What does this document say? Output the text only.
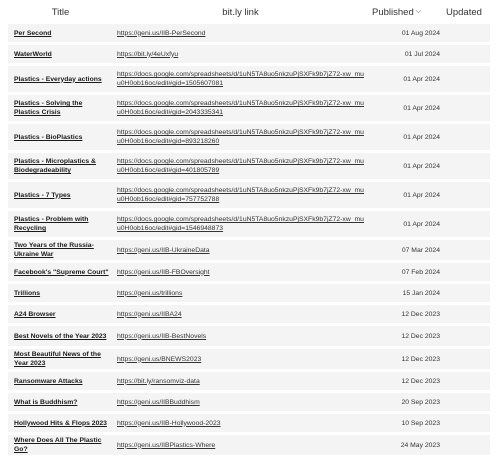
Title	bit.ly link	Published ⌵	Updated

Per Second	https://geni.us/IIB-PerSecond	01 Aug 2024	

WaterWorld	https://bit.ly/4eUxfyu	01 Jul 2024	

Plastics - Everyday actions	https://docs.google.com/spreadsheets/d/1uN5TA8uo5nkzuPjSXFk9b7jZ72-xw_muu0H0ob16oc/edit#gid=1505607081	01 Apr 2024	

Plastics - Solving the Plastics Crisis	https://docs.google.com/spreadsheets/d/1uN5TA8uo5nkzuPjSXFk9b7jZ72-xw_muu0H0ob16oc/edit#gid=2043335341	01 Apr 2024	

Plastics - BioPlastics	https://docs.google.com/spreadsheets/d/1uN5TA8uo5nkzuPjSXFk9b7jZ72-xw_muu0H0ob16oc/edit#gid=893218260	01 Apr 2024	

Plastics - Microplastics & Biodegradeability	https://docs.google.com/spreadsheets/d/1uN5TA8uo5nkzuPjSXFk9b7jZ72-xw_muu0H0ob16oc/edit#gid=401805789	01 Apr 2024	

Plastics - 7 Types	https://docs.google.com/spreadsheets/d/1uN5TA8uo5nkzuPjSXFk9b7jZ72-xw_muu0H0ob16oc/edit#gid=757752788	01 Apr 2024	

Plastics - Problem with Recycling	https://docs.google.com/spreadsheets/d/1uN5TA8uo5nkzuPjSXFk9b7jZ72-xw_muu0H0ob16oc/edit#gid=1546948873	01 Apr 2024	

Two Years of the Russia-Ukraine War	https://geni.us/IIB-UkraineData	07 Mar 2024	

Facebook's "Supreme Court"	https://geni.us/IIB-FBOversight	07 Feb 2024	

Trillions	https://geni.us/trillions	15 Jan 2024	

A24 Browser	https://geni.us/IIBA24	12 Dec 2023	

Best Novels of the Year 2023	https://geni.us/IIB-BestNovels	12 Dec 2023	

Most Beautiful News of the Year 2023	https://geni.us/BNEWS2023	12 Dec 2023	

Ransomware Attacks	https://bit.ly/ransomviz-data	12 Dec 2023	

What is Buddhism?	https://geni.us/IIBBuddhism	20 Sep 2023	

Hollywood Hits & Flops 2023	https://geni.us/IIB-Hollywood-2023	10 Sep 2023	

Where Does All The Plastic Go?	https://geni.us/IIBPlastics-Where	24 May 2023	
